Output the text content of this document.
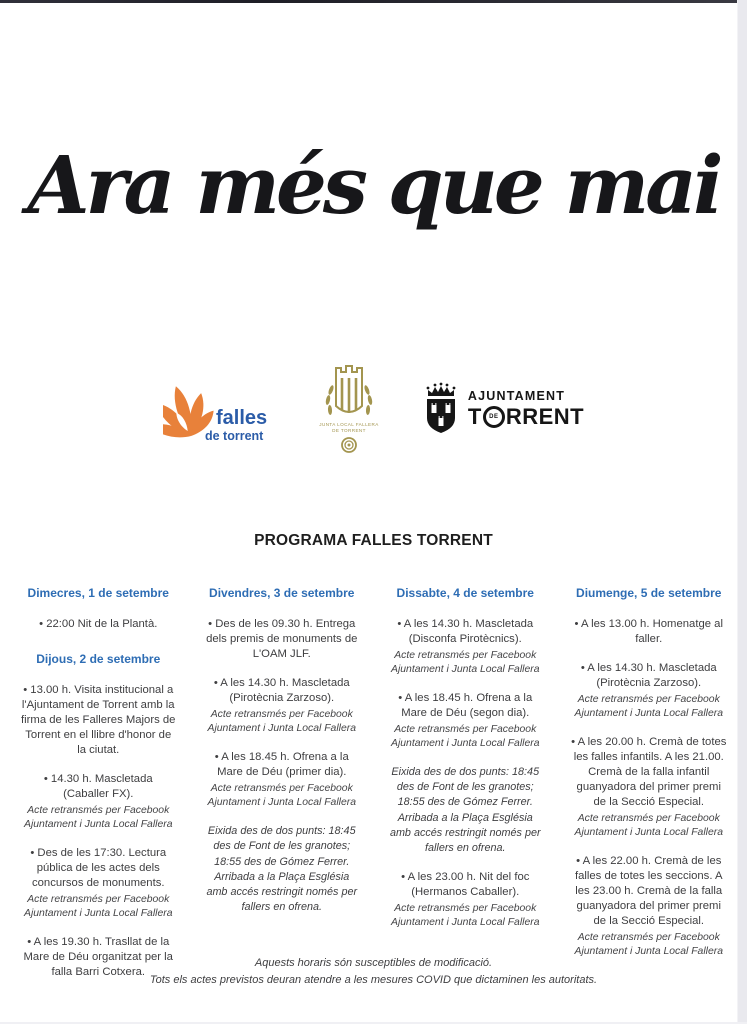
Ara més que mai
falles
de torrent
JUNTA LOCAL FALLERA
DE TORRENT
AJUNTAMENT
T	DE RRENT
PROGRAMA FALLES TORRENT
Dimecres, 1 de setembre
• 22:00 Nit de la Plantà.
Dijous, 2 de setembre
• 13.00 h. Visita institucional a l'Ajuntament de Torrent amb la firma de les Falleres Majors de Torrent en el llibre d'honor de la ciutat.
• 14.30 h. Mascletada (Caballer FX).
Acte retransmés per Facebook Ajuntament i Junta Local Fallera
• Des de les 17:30. Lectura pública de les actes dels concursos de monuments.
Acte retransmés per Facebook Ajuntament i Junta Local Fallera
• A les 19.30 h. Trasllat de la Mare de Déu organitzat per la falla Barri Cotxera.
Divendres, 3 de setembre
• Des de les 09.30 h. Entrega dels premis de monuments de L'OAM JLF.
• A les 14.30 h. Mascletada (Pirotècnia Zarzoso).
Acte retransmés per Facebook Ajuntament i Junta Local Fallera
• A les 18.45 h. Ofrena a la Mare de Déu (primer dia).
Acte retransmés per Facebook Ajuntament i Junta Local Fallera
Eixida des de dos punts: 18:45 des de Font de les granotes; 18:55 des de Gómez Ferrer. Arribada a la Plaça Església amb accés restringit només per fallers en ofrena.
Dissabte, 4 de setembre
• A les 14.30 h. Mascletada (Disconfa Pirotècnics).
Acte retransmés per Facebook Ajuntament i Junta Local Fallera
• A les 18.45 h. Ofrena a la Mare de Déu (segon dia).
Acte retransmés per Facebook Ajuntament i Junta Local Fallera
Eixida des de dos punts: 18:45 des de Font de les granotes; 18:55 des de Gómez Ferrer. Arribada a la Plaça Església amb accés restringit només per fallers en ofrena.
• A les 23.00 h. Nit del foc (Hermanos Caballer).
Acte retransmés per Facebook Ajuntament i Junta Local Fallera
Diumenge, 5 de setembre
• A les 13.00 h. Homenatge al faller.
• A les 14.30 h. Mascletada (Pirotècnia Zarzoso).
Acte retransmés per Facebook Ajuntament i Junta Local Fallera
• A les 20.00 h. Cremà de totes les falles infantils. A les 21.00. Cremà de la falla infantil guanyadora del primer premi de la Secció Especial.
Acte retransmés per Facebook Ajuntament i Junta Local Fallera
• A les 22.00 h. Cremà de les falles de totes les seccions. A les 23.00 h. Cremà de la falla guanyadora del primer premi de la Secció Especial.
Acte retransmés per Facebook Ajuntament i Junta Local Fallera
Aquests horaris són susceptibles de modificació.
Tots els actes previstos deuran atendre a les mesures COVID que dictaminen les autoritats.
